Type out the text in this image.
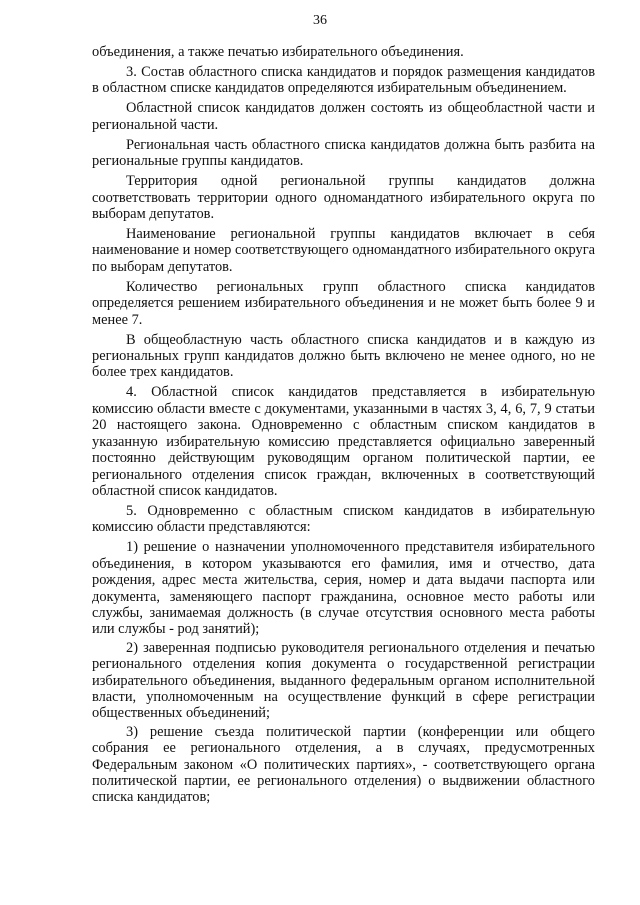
36

объединения, а также печатью избирательного объединения.

3. Состав областного списка кандидатов и порядок размещения кандидатов в областном списке кандидатов определяются избирательным объединением.

Областной список кандидатов должен состоять из общеобластной части и региональной части.

Региональная часть областного списка кандидатов должна быть разбита на региональные группы кандидатов.

Территория одной региональной группы кандидатов должна соответствовать территории одного одномандатного избирательного округа по выборам депутатов.

Наименование региональной группы кандидатов включает в себя наименование и номер соответствующего одномандатного избирательного округа по выборам депутатов.

Количество региональных групп областного списка кандидатов определяется решением избирательного объединения и не может быть более 9 и менее 7.

В общеобластную часть областного списка кандидатов и в каждую из региональных групп кандидатов должно быть включено не менее одного, но не более трех кандидатов.

4. Областной список кандидатов представляется в избирательную комиссию области вместе с документами, указанными в частях 3, 4, 6, 7, 9 статьи 20 настоящего закона. Одновременно с областным списком кандидатов в указанную избирательную комиссию представляется официально заверенный постоянно действующим руководящим органом политической партии, ее регионального отделения список граждан, включенных в соответствующий областной список кандидатов.

5. Одновременно с областным списком кандидатов в избирательную комиссию области представляются:

1) решение о назначении уполномоченного представителя избирательного объединения, в котором указываются его фамилия, имя и отчество, дата рождения, адрес места жительства, серия, номер и дата выдачи паспорта или документа, заменяющего паспорт гражданина, основное место работы или службы, занимаемая должность (в случае отсутствия основного места работы или службы - род занятий);

2) заверенная подписью руководителя регионального отделения и печатью регионального отделения копия документа о государственной регистрации избирательного объединения, выданного федеральным органом исполнительной власти, уполномоченным на осуществление функций в сфере регистрации общественных объединений;

3) решение съезда политической партии (конференции или общего собрания ее регионального отделения, а в случаях, предусмотренных Федеральным законом «О политических партиях», - соответствующего органа политической партии, ее регионального отделения) о выдвижении областного списка кандидатов;
